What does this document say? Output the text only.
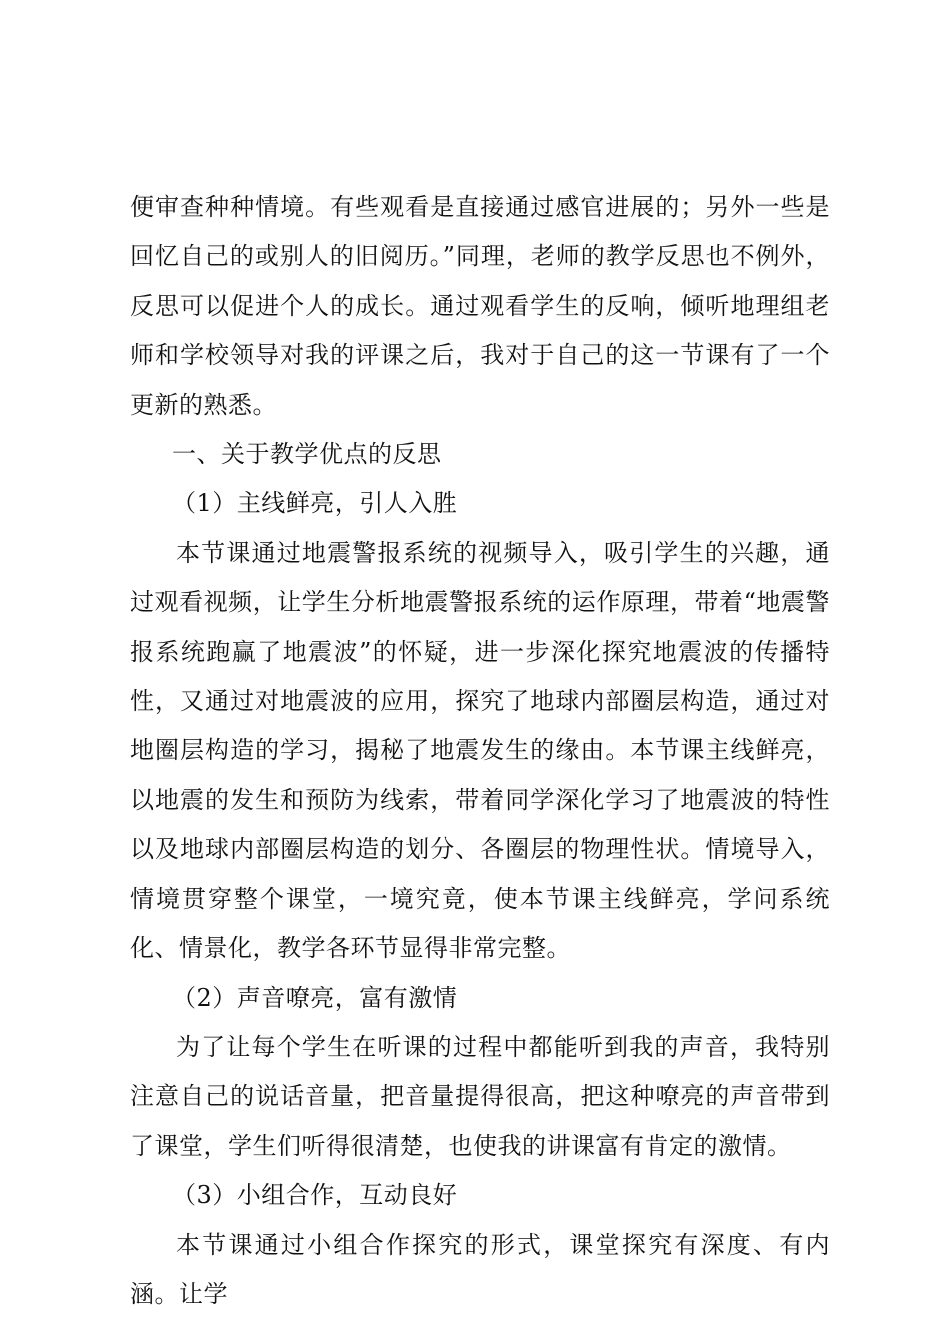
便审查种种情境。有些观看是直接通过感官进展的；另外一些是回忆自己的或别人的旧阅历。”同理，老师的教学反思也不例外，反思可以促进个人的成长。通过观看学生的反响，倾听地理组老师和学校领导对我的评课之后，我对于自己的这一节课有了一个更新的熟悉。

一、关于教学优点的反思

（1）主线鲜亮，引人入胜

本节课通过地震警报系统的视频导入，吸引学生的兴趣，通过观看视频，让学生分析地震警报系统的运作原理，带着“地震警报系统跑赢了地震波”的怀疑，进一步深化探究地震波的传播特性，又通过对地震波的应用，探究了地球内部圈层构造，通过对地圈层构造的学习，揭秘了地震发生的缘由。本节课主线鲜亮，以地震的发生和预防为线索，带着同学深化学习了地震波的特性以及地球内部圈层构造的划分、各圈层的物理性状。情境导入，情境贯穿整个课堂，一境究竟，使本节课主线鲜亮，学问系统化、情景化，教学各环节显得非常完整。

（2）声音嘹亮，富有激情

为了让每个学生在听课的过程中都能听到我的声音，我特别注意自己的说话音量，把音量提得很高，把这种嘹亮的声音带到了课堂，学生们听得很清楚，也使我的讲课富有肯定的激情。

（3）小组合作，互动良好

本节课通过小组合作探究的形式，课堂探究有深度、有内涵。让学
